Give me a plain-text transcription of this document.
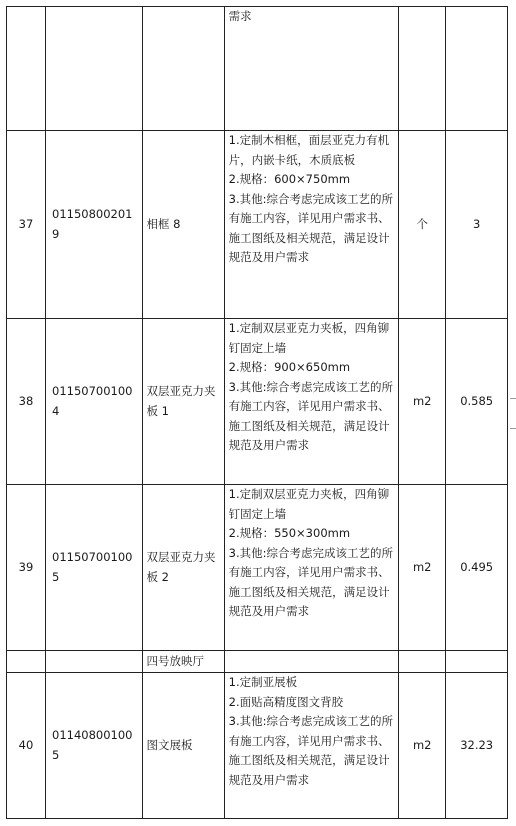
			需求		

37	011508002019	相框 8	1.定制木相框，面层亚克力有机片，内嵌卡纸，木质底板
2.规格：600×750mm
3.其他:综合考虑完成该工艺的所有施工内容，详见用户需求书、施工图纸及相关规范，满足设计规范及用户需求	个	3
38	011507001004	双层亚克力夹板 1	1.定制双层亚克力夹板，四角铆钉固定上墙
2.规格：900×650mm
3.其他:综合考虑完成该工艺的所有施工内容，详见用户需求书、施工图纸及相关规范，满足设计规范及用户需求	m2	0.585
39	011507001005	双层亚克力夹板 2	1.定制双层亚克力夹板，四角铆钉固定上墙
2.规格：550×300mm
3.其他:综合考虑完成该工艺的所有施工内容，详见用户需求书、施工图纸及相关规范，满足设计规范及用户需求	m2	0.495
		四号放映厅			
40	011408001005	图文展板	1.定制亚展板
2.面贴高精度图文背胶
3.其他:综合考虑完成该工艺的所有施工内容，详见用户需求书、施工图纸及相关规范，满足设计规范及用户需求	m2	32.23
